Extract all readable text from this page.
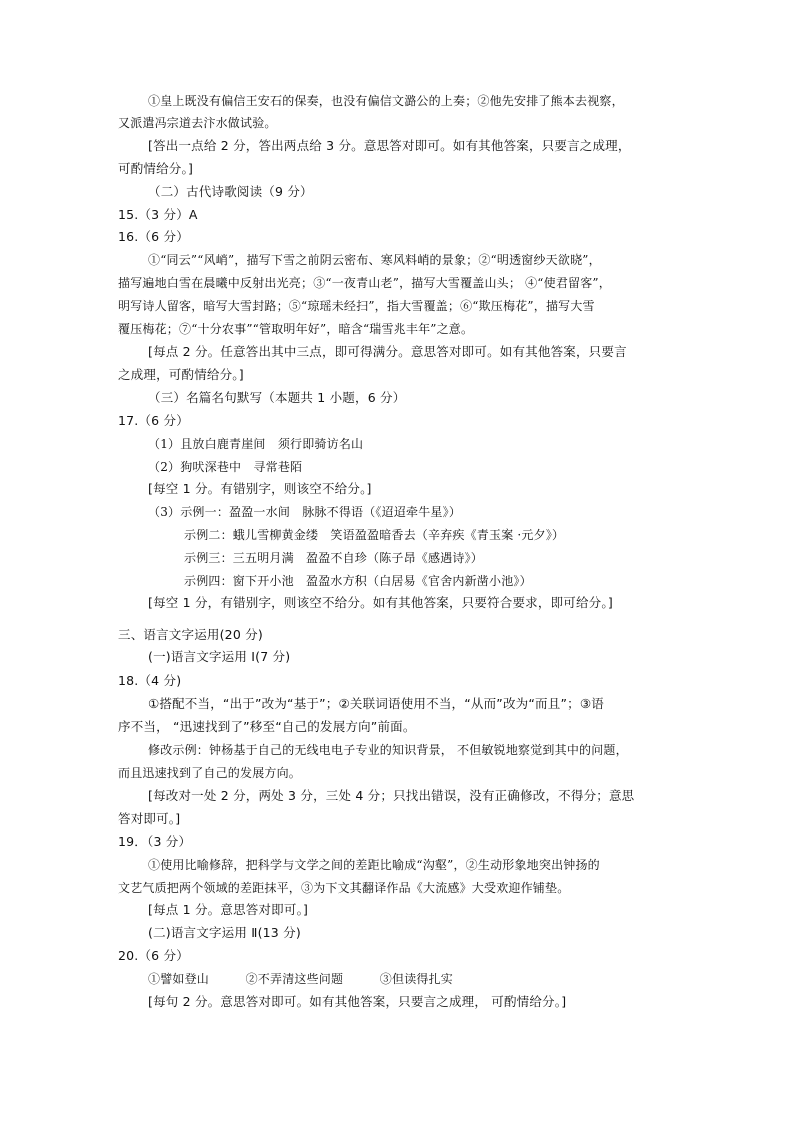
①皇上既没有偏信王安石的保奏，也没有偏信文潞公的上奏；②他先安排了熊本去视察，
又派遣冯宗道去汴水做试验。
[答出一点给 2 分，答出两点给 3 分。意思答对即可。如有其他答案，只要言之成理，
可酌情给分。]
（二）古代诗歌阅读（9 分）
15.（3 分）A
16.（6 分）
①“同云”“风峭”，描写下雪之前阴云密布、寒风料峭的景象；②“明透窗纱天欲晓”，
描写遍地白雪在晨曦中反射出光亮；③“一夜青山老”，描写大雪覆盖山头； ④“使君留客”，
明写诗人留客，暗写大雪封路；⑤“琼瑶未经扫”，指大雪覆盖；⑥“欺压梅花”，描写大雪
覆压梅花；⑦“十分农事”“管取明年好”，暗含“瑞雪兆丰年”之意。
[每点 2 分。任意答出其中三点，即可得满分。意思答对即可。如有其他答案，只要言
之成理，可酌情给分。]
（三）名篇名句默写（本题共 1 小题，6 分）
17.（6 分）
（1）且放白鹿青崖间　须行即骑访名山
（2）狗吠深巷中　寻常巷陌
[每空 1 分。有错别字，则该空不给分。]
（3）示例一：盈盈一水间　脉脉不得语（《迢迢牵牛星》）
示例二：蛾儿雪柳黄金缕　笑语盈盈暗香去（辛弃疾《青玉案 ·元夕》）
示例三：三五明月满　盈盈不自珍（陈子昂《感遇诗》）
示例四：窗下开小池　盈盈水方积（白居易《官舍内新凿小池》）
[每空 1 分，有错别字，则该空不给分。如有其他答案，只要符合要求，即可给分。]
三、语言文字运用(20 分)
(一)语言文字运用 Ⅰ(7 分)
18.（4 分)
①搭配不当，“出于”改为“基于”；②关联词语使用不当，“从而”改为“而且”；③语
序不当， “迅速找到了”移至“自己的发展方向”前面。
修改示例：钟杨基于自己的无线电电子专业的知识背景， 不但敏锐地察觉到其中的问题，
而且迅速找到了自己的发展方向。
[每改对一处 2 分，两处 3 分，三处 4 分；只找出错误，没有正确修改，不得分；意思
答对即可。]
19．（3 分）
①使用比喻修辞，把科学与文学之间的差距比喻成“沟壑”，②生动形象地突出钟扬的
文艺气质把两个领域的差距抹平，③为下文其翻译作品《大流感》大受欢迎作铺垫。
[每点 1 分。意思答对即可。]
(二)语言文字运用 Ⅱ(13 分)
20.（6 分）
①譬如登山　　　②不弄清这些问题　　　③但读得扎实
[每句 2 分。意思答对即可。如有其他答案，只要言之成理， 可酌情给分。]
